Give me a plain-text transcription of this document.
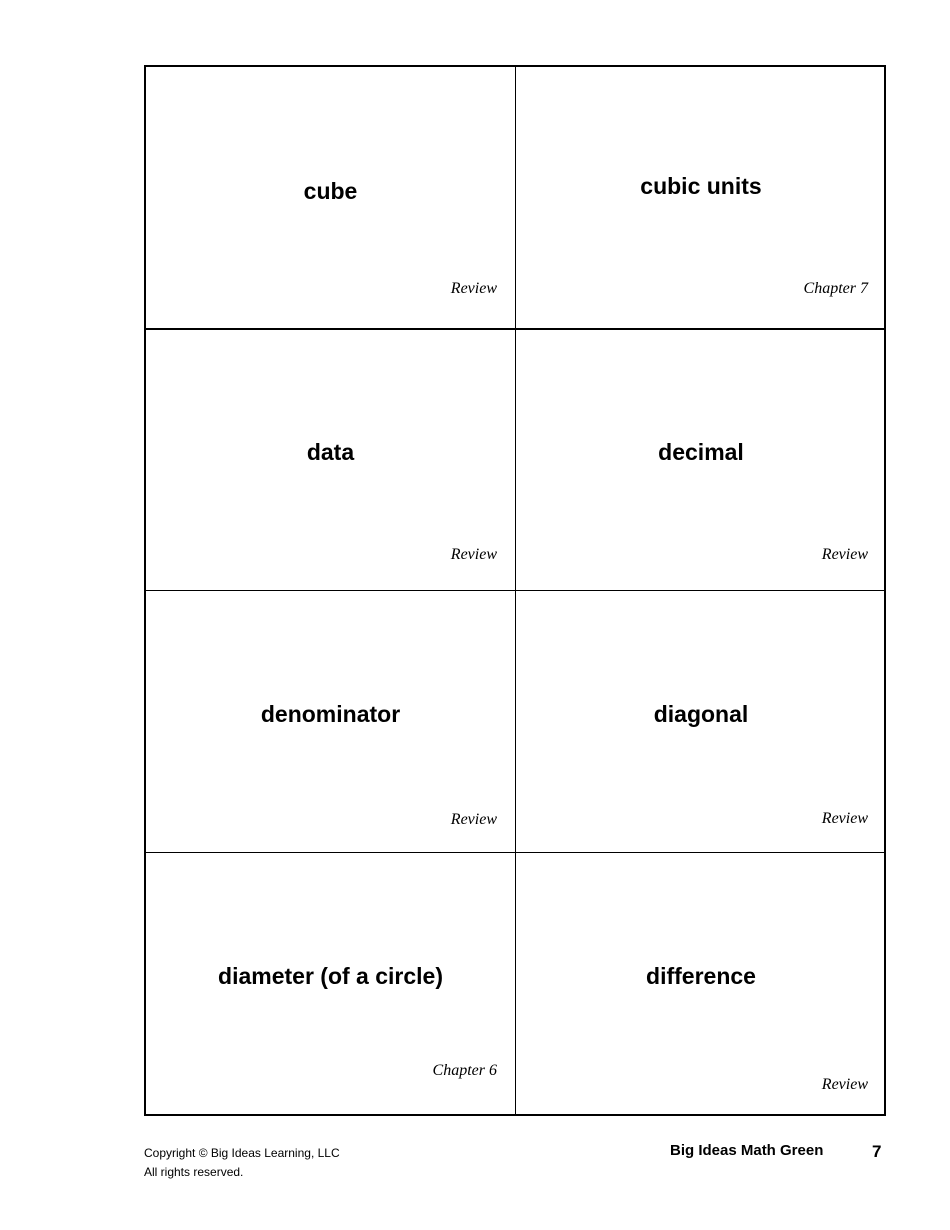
cube
Review
cubic units
Chapter 7
data
Review
decimal
Review
denominator
Review
diagonal
Review
diameter (of a circle)
Chapter 6
difference
Review
Copyright © Big Ideas Learning, LLC
All rights reserved.
Big Ideas Math Green	7
